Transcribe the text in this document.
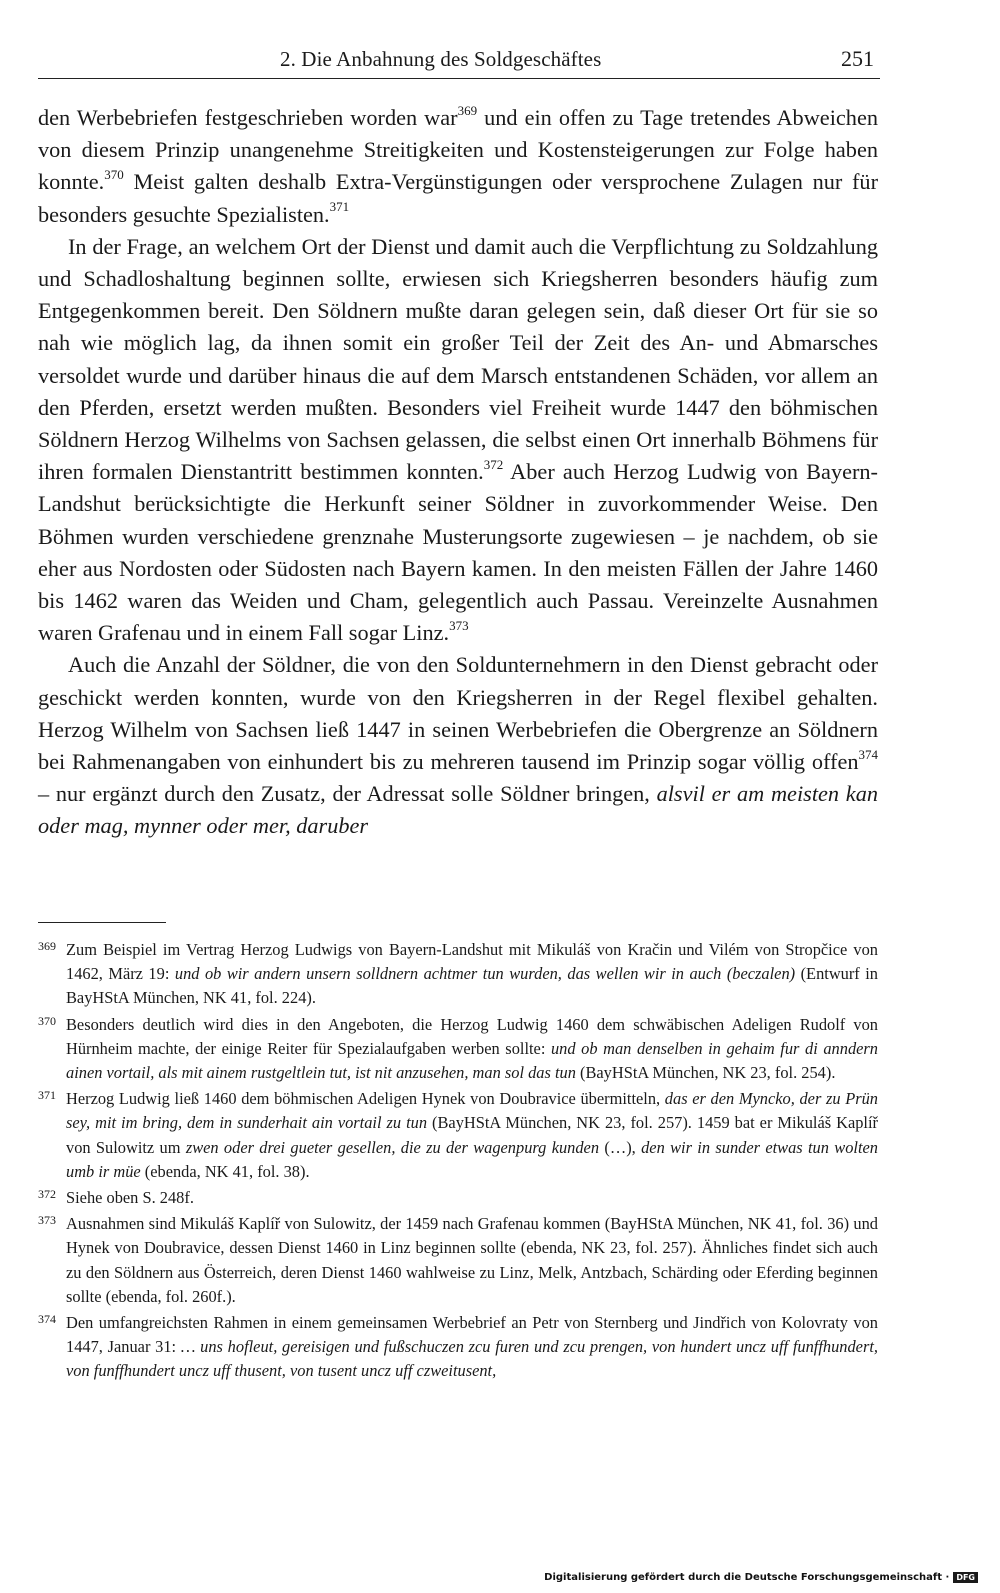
2. Die Anbahnung des Soldgeschäftes	251

den Werbebriefen festgeschrieben worden war$^{369}$ und ein offen zu Tage tretendes Abweichen von diesem Prinzip unangenehme Streitigkeiten und Kostensteigerungen zur Folge haben konnte.$^{370}$ Meist galten deshalb Extra-Vergünstigungen oder versprochene Zulagen nur für besonders gesuchte Spezialisten.$^{371}$

In der Frage, an welchem Ort der Dienst und damit auch die Verpflichtung zu Soldzahlung und Schadloshaltung beginnen sollte, erwiesen sich Kriegsherren besonders häufig zum Entgegenkommen bereit. Den Söldnern mußte daran gelegen sein, daß dieser Ort für sie so nah wie möglich lag, da ihnen somit ein großer Teil der Zeit des An- und Abmarsches versoldet wurde und darüber hinaus die auf dem Marsch entstandenen Schäden, vor allem an den Pferden, ersetzt werden mußten. Besonders viel Freiheit wurde 1447 den böhmischen Söldnern Herzog Wilhelms von Sachsen gelassen, die selbst einen Ort innerhalb Böhmens für ihren formalen Dienstantritt bestimmen konnten.$^{372}$ Aber auch Herzog Ludwig von Bayern-Landshut berücksichtigte die Herkunft seiner Söldner in zuvorkommender Weise. Den Böhmen wurden verschiedene grenznahe Musterungsorte zugewiesen – je nachdem, ob sie eher aus Nordosten oder Südosten nach Bayern kamen. In den meisten Fällen der Jahre 1460 bis 1462 waren das Weiden und Cham, gelegentlich auch Passau. Vereinzelte Ausnahmen waren Grafenau und in einem Fall sogar Linz.$^{373}$

Auch die Anzahl der Söldner, die von den Soldunternehmern in den Dienst gebracht oder geschickt werden konnten, wurde von den Kriegsherren in der Regel flexibel gehalten. Herzog Wilhelm von Sachsen ließ 1447 in seinen Werbebriefen die Obergrenze an Söldnern bei Rahmenangaben von einhundert bis zu mehreren tausend im Prinzip sogar völlig offen$^{374}$ – nur ergänzt durch den Zusatz, der Adressat solle Söldner bringen, alsvil er am meisten kan oder mag, mynner oder mer, daruber

369 Zum Beispiel im Vertrag Herzog Ludwigs von Bayern-Landshut mit Mikuláš von Kračin und Vilém von Stropčice von 1462, März 19: und ob wir andern unsern solldnern achtmer tun wurden, das wellen wir in auch (beczalen) (Entwurf in BayHStA München, NK 41, fol. 224).
370 Besonders deutlich wird dies in den Angeboten, die Herzog Ludwig 1460 dem schwäbischen Adeligen Rudolf von Hürnheim machte, der einige Reiter für Spezialaufgaben werben sollte: und ob man denselben in gehaim fur di anndern ainen vortail, als mit ainem rustgeltlein tut, ist nit anzusehen, man sol das tun (BayHStA München, NK 23, fol. 254).
371 Herzog Ludwig ließ 1460 dem böhmischen Adeligen Hynek von Doubravice übermitteln, das er den Myncko, der zu Prün sey, mit im bring, dem in sunderhait ain vortail zu tun (BayHStA München, NK 23, fol. 257). 1459 bat er Mikuláš Kaplíř von Sulowitz um zwen oder drei gueter gesellen, die zu der wagenpurg kunden (…), den wir in sunder etwas tun wolten umb ir müe (ebenda, NK 41, fol. 38).
372 Siehe oben S. 248f.
373 Ausnahmen sind Mikuláš Kaplíř von Sulowitz, der 1459 nach Grafenau kommen (BayHStA München, NK 41, fol. 36) und Hynek von Doubravice, dessen Dienst 1460 in Linz beginnen sollte (ebenda, NK 23, fol. 257). Ähnliches findet sich auch zu den Söldnern aus Österreich, deren Dienst 1460 wahlweise zu Linz, Melk, Antzbach, Schärding oder Eferding beginnen sollte (ebenda, fol. 260f.).
374 Den umfangreichsten Rahmen in einem gemeinsamen Werbebrief an Petr von Sternberg und Jindřich von Kolovraty von 1447, Januar 31: … uns hofleut, gereisigen und fußschuczen zcu furen und zcu prengen, von hundert uncz uff funffhundert, von funffhundert uncz uff thusent, von tusent uncz uff czweitusent,
Digitalisierung gefördert durch die Deutsche Forschungsgemeinschaft · DFG
